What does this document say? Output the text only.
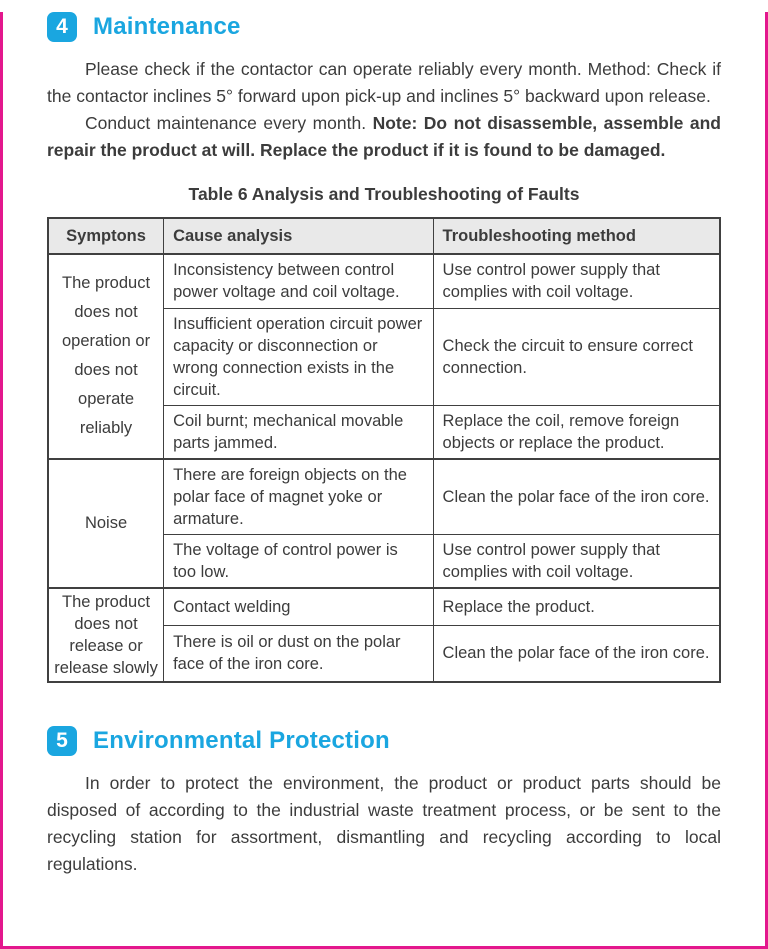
4	Maintenance

Please check if the contactor can operate reliably every month. Method: Check if the contactor inclines 5° forward upon pick-up and inclines 5° backward upon release.

Conduct maintenance every month. Note: Do not disassemble, assemble and repair the product at will. Replace the product if it is found to be damaged.

Table 6 Analysis and Troubleshooting of Faults
Symptons	Cause analysis	Troubleshooting method
The product does not operation or does not operate reliably	Inconsistency between control power voltage and coil voltage.	Use control power supply that complies with coil voltage.
	Insufficient operation circuit power capacity or disconnection or wrong connection exists in the circuit.	Check the circuit to ensure correct connection.
	Coil burnt; mechanical movable parts jammed.	Replace the coil, remove foreign objects or replace the product.
Noise	There are foreign objects on the polar face of magnet yoke or armature.	Clean the polar face of the iron core.
	The voltage of control power is too low.	Use control power supply that complies with coil voltage.
The product does not release or release slowly	Contact welding	Replace the product.
	There is oil or dust on the polar face of the iron core.	Clean the polar face of the iron core.
5	Environmental Protection

In order to protect the environment, the product or product parts should be disposed of according to the industrial waste treatment process, or be sent to the recycling station for assortment, dismantling and recycling according to local regulations.
